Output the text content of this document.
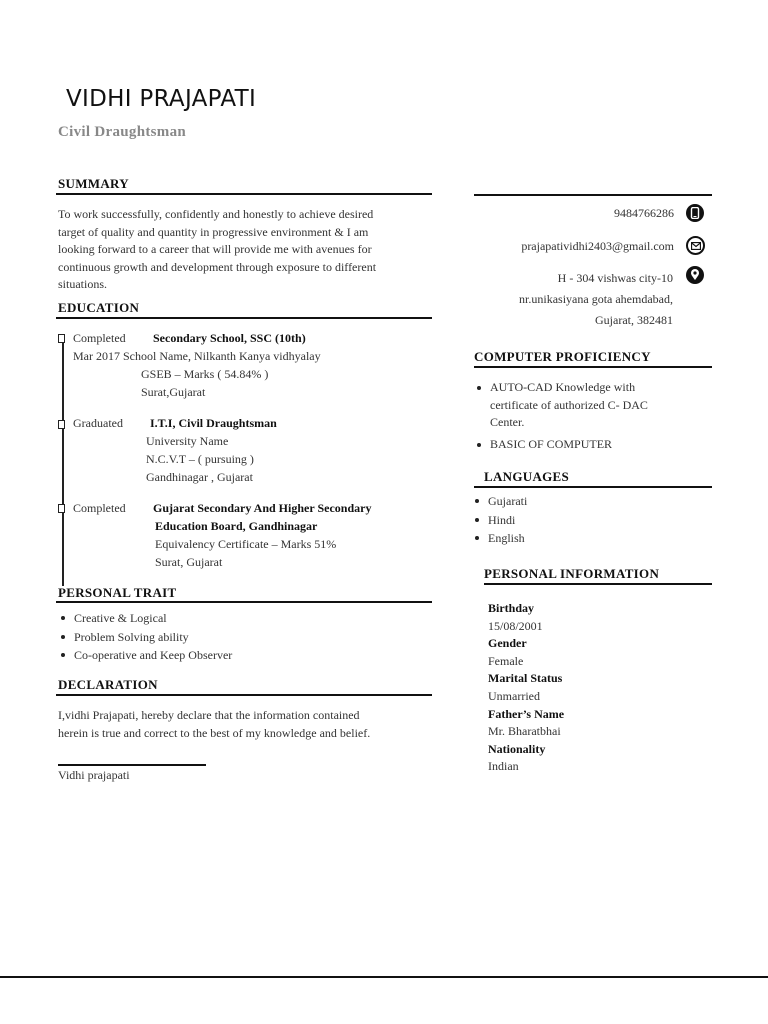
VIDHI PRAJAPATI
Civil Draughtsman
SUMMARY
To work successfully, confidently and honestly to achieve desired
target of quality and quantity in progressive environment & I am
looking forward to a career that will provide me with avenues for
continuous growth and development through exposure to different
situations.
EDUCATION
Completed Secondary School, SSC (10th)
Mar 2017 School Name, Nilkanth Kanya vidhyalay
GSEB – Marks ( 54.84% )
Surat,Gujarat
Graduated I.T.I, Civil Draughtsman
University Name
N.C.V.T – ( pursuing )
Gandhinagar , Gujarat
Completed Gujarat Secondary And Higher Secondary
Education Board, Gandhinagar
Equivalency Certificate – Marks 51%
Surat, Gujarat
PERSONAL TRAIT
Creative & Logical
Problem Solving ability
Co-operative and Keep Observer
DECLARATION
I,vidhi Prajapati, hereby declare that the information contained
herein is true and correct to the best of my knowledge and belief.
Vidhi prajapati
9484766286
prajapatividhi2403@gmail.com
H - 304 vishwas city-10
nr.unikasiyana gota ahemdabad,
Gujarat, 382481
COMPUTER PROFICIENCY
AUTO-CAD Knowledge with
certificate of authorized C- DAC
Center.
BASIC OF COMPUTER
LANGUAGES
Gujarati
Hindi
English
PERSONAL INFORMATION
Birthday
15/08/2001
Gender
Female
Marital Status
Unmarried
Father’s Name
Mr. Bharatbhai
Nationality
Indian
